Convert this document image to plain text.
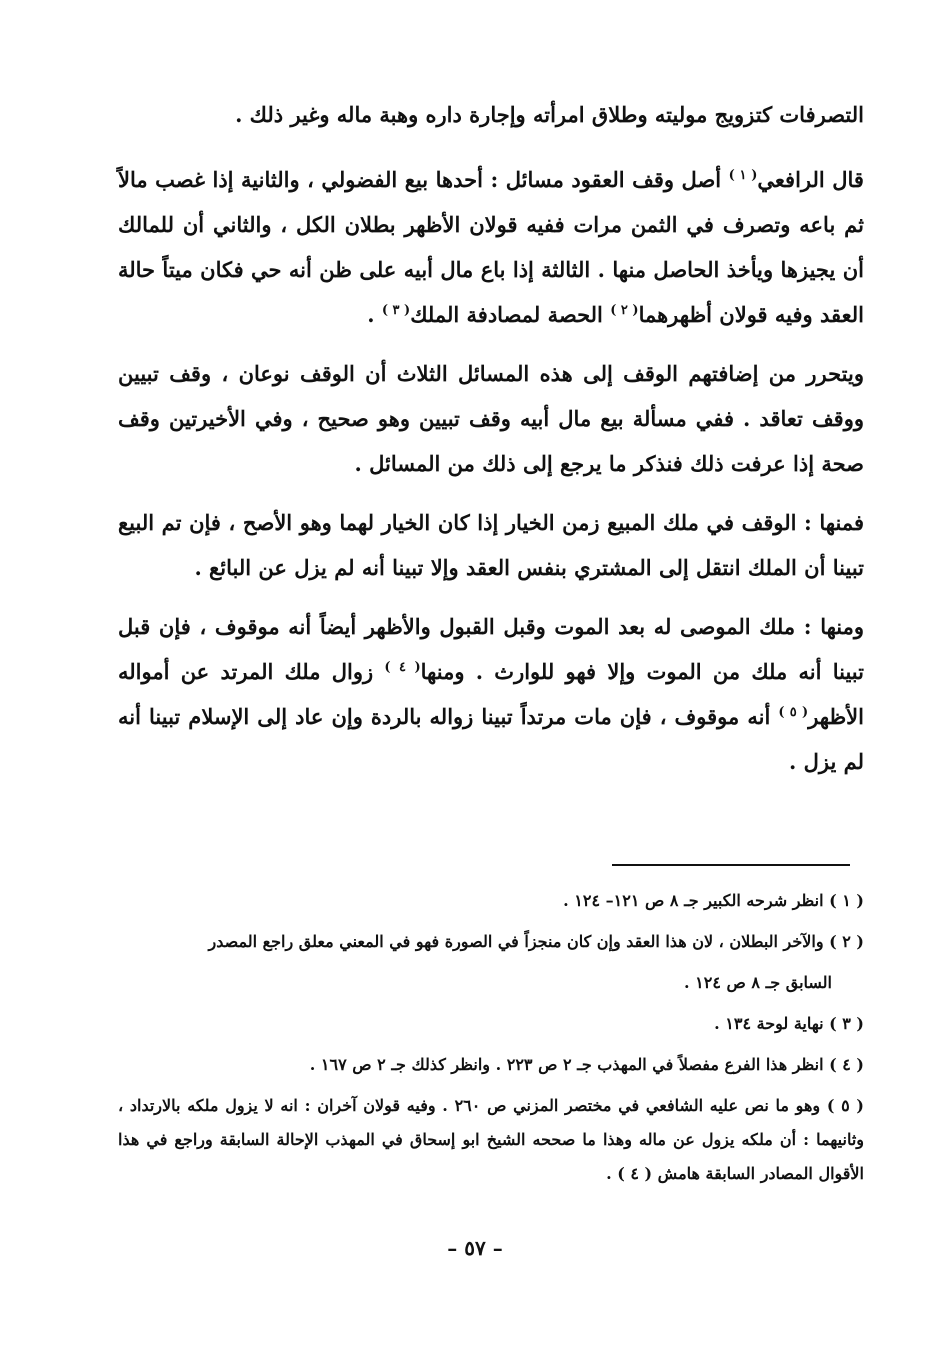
التصرفات كتزويج موليته وطلاق امرأته وإجارة داره وهبة ماله وغير ذلك .

قال الرافعي$^{( ١ )}$ أصل وقف العقود مسائل : أحدها بيع الفضولي ، والثانية إذا غصب مالاً ثم باعه وتصرف في الثمن مرات ففيه قولان الأظهر بطلان الكل ، والثاني أن للمالك أن يجيزها ويأخذ الحاصل منها . الثالثة إذا باع مال أبيه على ظن أنه حي فكان ميتاً حالة العقد وفيه قولان أظهرهما$^{( ٢ )}$ الحصة لمصادفة الملك$^{( ٣ )}$ .

ويتحرر من إضافتهم الوقف إلى هذه المسائل الثلاث أن الوقف نوعان ، وقف تبيين ووقف تعاقد . ففي مسألة بيع مال أبيه وقف تبيين وهو صحيح ، وفي الأخيرتين وقف صحة إذا عرفت ذلك فنذكر ما يرجع إلى ذلك من المسائل .

فمنها : الوقف في ملك المبيع زمن الخيار إذا كان الخيار لهما وهو الأصح ، فإن تم البيع تبينا أن الملك انتقل إلى المشتري بنفس العقد وإلا تبينا أنه لم يزل عن البائع .

ومنها : ملك الموصى له بعد الموت وقبل القبول والأظهر أيضاً أنه موقوف ، فإن قبل تبينا أنه ملك من الموت وإلا فهو للوارث . ومنها$^{( ٤ )}$ زوال ملك المرتد عن أمواله الأظهر$^{( ٥ )}$ أنه موقوف ، فإن مات مرتداً تبينا زواله بالردة وإن عاد إلى الإسلام تبينا أنه لم يزل .

( ١ ) انظر شرحه الكبير جـ ٨ ص ١٢١– ١٢٤ .

( ٢ ) والآخر البطلان ، لان هذا العقد وإن كان منجزاً في الصورة فهو في المعني معلق راجع المصدر

السابق جـ ٨ ص ١٢٤ .

( ٣ ) نهاية لوحة ١٣٤ .

( ٤ ) انظر هذا الفرع مفصلاً في المهذب جـ ٢ ص ٢٢٣ . وانظر كذلك جـ ٢ ص ١٦٧ .

( ٥ ) وهو ما نص عليه الشافعي في مختصر المزني ص ٢٦٠ . وفيه قولان آخران : انه لا يزول ملكه بالارتداد ، وثانيهما : أن ملكه يزول عن ماله وهذا ما صححه الشيخ ابو إسحاق في المهذب الإحالة السابقة وراجع في هذا الأقوال المصادر السابقة هامش ( ٤ ) .

– ٥٧ –
